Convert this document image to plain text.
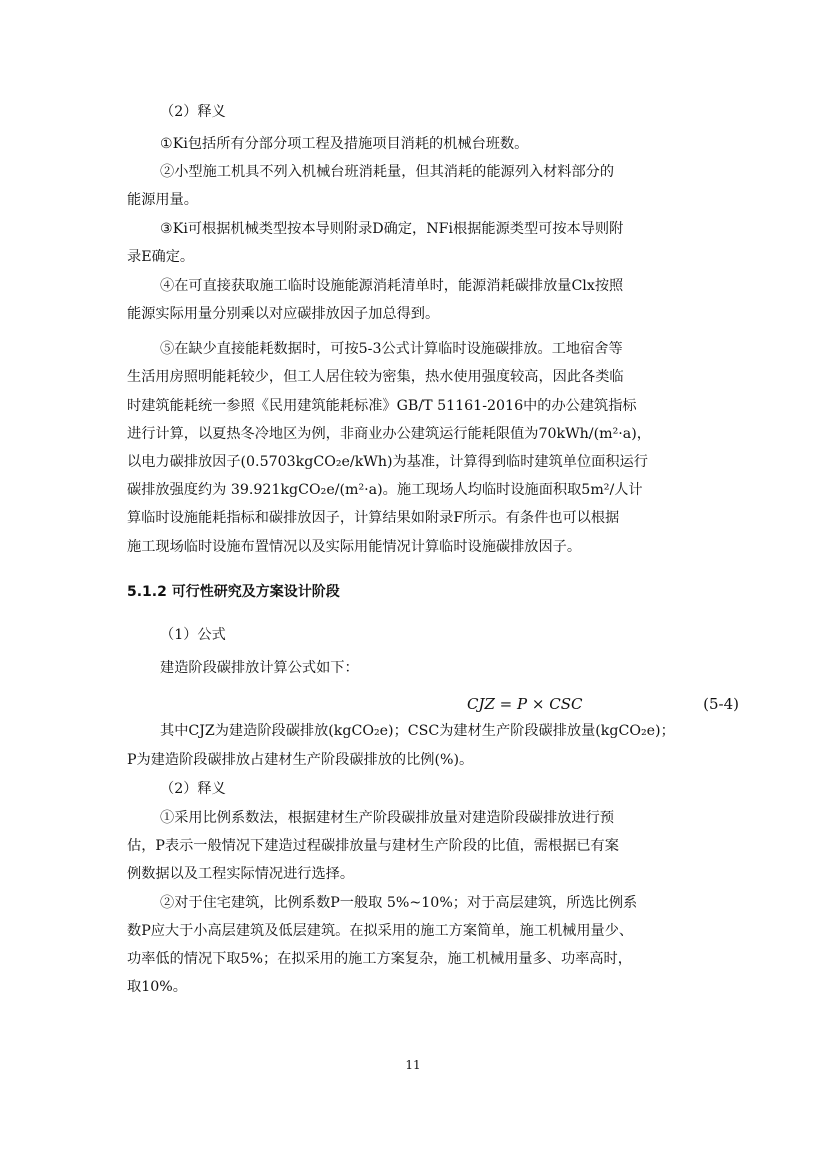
（2）释义
①Ki包括所有分部分项工程及措施项目消耗的机械台班数。
②小型施工机具不列入机械台班消耗量，但其消耗的能源列入材料部分的
能源用量。
③Ki可根据机械类型按本导则附录D确定，NFi根据能源类型可按本导则附
录E确定。
④在可直接获取施工临时设施能源消耗清单时，能源消耗碳排放量Clx按照
能源实际用量分别乘以对应碳排放因子加总得到。
⑤在缺少直接能耗数据时，可按5-3公式计算临时设施碳排放。工地宿舍等
生活用房照明能耗较少，但工人居住较为密集，热水使用强度较高，因此各类临
时建筑能耗统一参照《民用建筑能耗标准》GB/T 51161-2016中的办公建筑指标
进行计算，以夏热冬冷地区为例，非商业办公建筑运行能耗限值为70kWh/(m²·a)，
以电力碳排放因子(0.5703kgCO₂e/kWh)为基准，计算得到临时建筑单位面积运行
碳排放强度约为 39.921kgCO₂e/(m²·a)。施工现场人均临时设施面积取5m²/人计
算临时设施能耗指标和碳排放因子，计算结果如附录F所示。有条件也可以根据
施工现场临时设施布置情况以及实际用能情况计算临时设施碳排放因子。
5.1.2 可行性研究及方案设计阶段
（1）公式
建造阶段碳排放计算公式如下：
CJZ = P × CSC	(5-4)
其中CJZ为建造阶段碳排放(kgCO₂e)；CSC为建材生产阶段碳排放量(kgCO₂e)；
P为建造阶段碳排放占建材生产阶段碳排放的比例(%)。
（2）释义
①采用比例系数法，根据建材生产阶段碳排放量对建造阶段碳排放进行预
估，P表示一般情况下建造过程碳排放量与建材生产阶段的比值，需根据已有案
例数据以及工程实际情况进行选择。
②对于住宅建筑，比例系数P一般取 5%~10%；对于高层建筑，所选比例系
数P应大于小高层建筑及低层建筑。在拟采用的施工方案简单，施工机械用量少、
功率低的情况下取5%；在拟采用的施工方案复杂，施工机械用量多、功率高时，
取10%。
11
